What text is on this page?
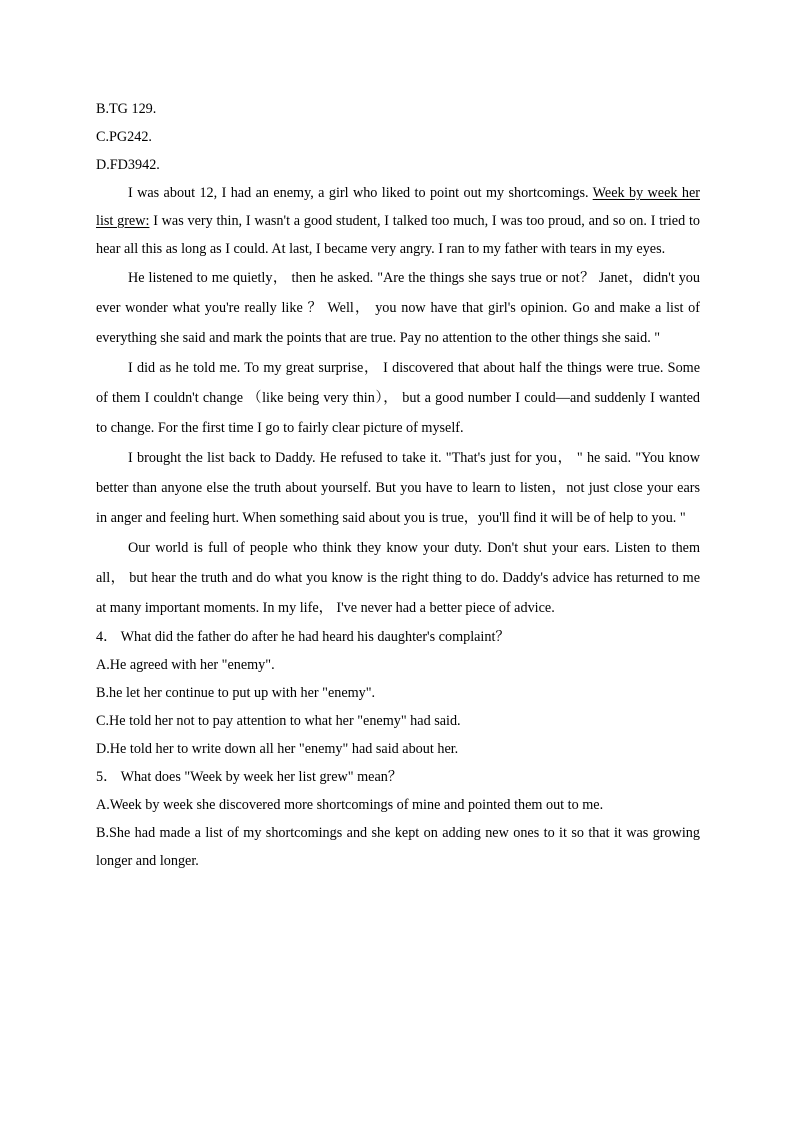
B.TG 129.
C.PG242.
D.FD3942.
I was about 12, I had an enemy, a girl who liked to point out my shortcomings. Week by week her list grew: I was very thin, I wasn't a good student, I talked too much, I was too proud, and so on. I tried to hear all this as long as I could. At last, I became very angry. I ran to my father with tears in my eyes.
He listened to me quietly， then he asked. "Are the things she says true or not？ Janet，didn't you ever wonder what you're really like ？ Well， you now have that girl's opinion. Go and make a list of everything she said and mark the points that are true. Pay no attention to the other things she said. "
I did as he told me. To my great surprise， I discovered that about half the things were true. Some of them I couldn't change （like being very thin）， but a good number I could—and suddenly I wanted to change. For the first time I go to fairly clear picture of myself.
I brought the list back to Daddy. He refused to take it. "That's just for you， " he said. "You know better than anyone else the truth about yourself. But you have to learn to listen，not just close your ears in anger and feeling hurt. When something said about you is true，you'll find it will be of help to you. "
Our world is full of people who think they know your duty. Don't shut your ears. Listen to them all， but hear the truth and do what you know is the right thing to do. Daddy's advice has returned to me at many important moments. In my life， I've never had a better piece of advice.
4． What did the father do after he had heard his daughter's complaint？
A.He agreed with her "enemy".
B.he let her continue to put up with her "enemy".
C.He told her not to pay attention to what her "enemy" had said.
D.He told her to write down all her "enemy" had said about her.
5． What does "Week by week her list grew" mean？
A.Week by week she discovered more shortcomings of mine and pointed them out to me.
B.She had made a list of my shortcomings and she kept on adding new ones to it so that it was growing longer and longer.
